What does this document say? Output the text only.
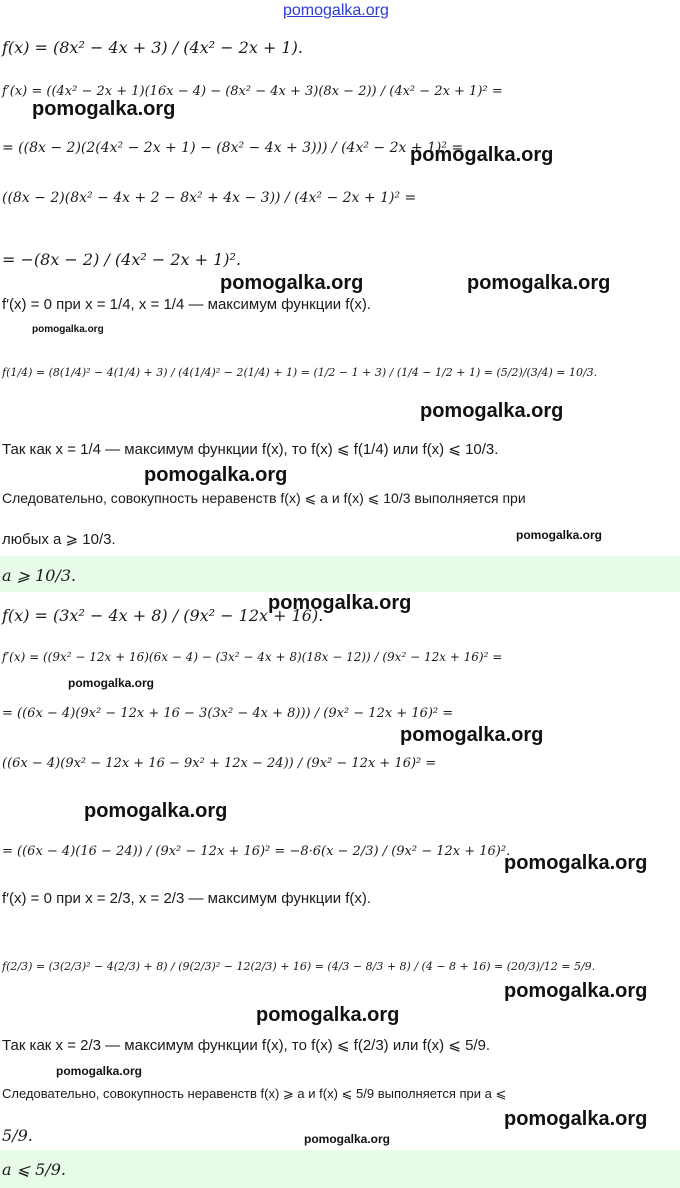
f(x) = (8x² − 4x + 3) / (4x² − 2x + 1).
f′(x) = ((4x² − 2x + 1)(16x − 4) − (8x² − 4x + 3)(8x − 2)) / (4x² − 2x + 1)² =
= ((8x − 2)(2(4x² − 2x + 1) − (8x² − 4x + 3))) / (4x² − 2x + 1)² =
((8x − 2)(8x² − 4x + 2 − 8x² + 4x − 3)) / (4x² − 2x + 1)² =
= −(8x − 2) / (4x² − 2x + 1)².
f′(x) = 0 при x = 1/4, x = 1/4 — максимум функции f(x).
f(1/4) = (8(1/4)² − 4(1/4) + 3) / (4(1/4)² − 2(1/4) + 1) = (1/2 − 1 + 3) / (1/4 − 1/2 + 1) = (5/2)/(3/4) = 10/3.
Так как x = 1/4 — максимум функции f(x), то f(x) ⩽ f(1/4) или f(x) ⩽ 10/3.
Следовательно, совокупность неравенств f(x) ⩽ a и f(x) ⩽ 10/3 выполняется при
любых a ⩾ 10/3.
a ⩾ 10/3.
f(x) = (3x² − 4x + 8) / (9x² − 12x + 16).
f′(x) = ((9x² − 12x + 16)(6x − 4) − (3x² − 4x + 8)(18x − 12)) / (9x² − 12x + 16)² =
= ((6x − 4)(9x² − 12x + 16 − 3(3x² − 4x + 8))) / (9x² − 12x + 16)² =
((6x − 4)(9x² − 12x + 16 − 9x² + 12x − 24)) / (9x² − 12x + 16)² =
= ((6x − 4)(16 − 24)) / (9x² − 12x + 16)² = −8·6(x − 2/3) / (9x² − 12x + 16)².
f′(x) = 0 при x = 2/3, x = 2/3 — максимум функции f(x).
f(2/3) = (3(2/3)² − 4(2/3) + 8) / (9(2/3)² − 12(2/3) + 16) = (4/3 − 8/3 + 8) / (4 − 8 + 16) = (20/3)/12 = 5/9.
Так как x = 2/3 — максимум функции f(x), то f(x) ⩽ f(2/3) или f(x) ⩽ 5/9.
Следовательно, совокупность неравенств f(x) ⩾ a и f(x) ⩽ 5/9 выполняется при a ⩽
5/9.
a ⩽ 5/9.
pomogalka.org
pomogalka.org
pomogalka.org
pomogalka.org	pomogalka.org
pomogalka.org
pomogalka.org
pomogalka.org
pomogalka.org
pomogalka.org
pomogalka.org
pomogalka.org
pomogalka.org
pomogalka.org
pomogalka.org
pomogalka.org
pomogalka.org
pomogalka.org
pomogalka.org
